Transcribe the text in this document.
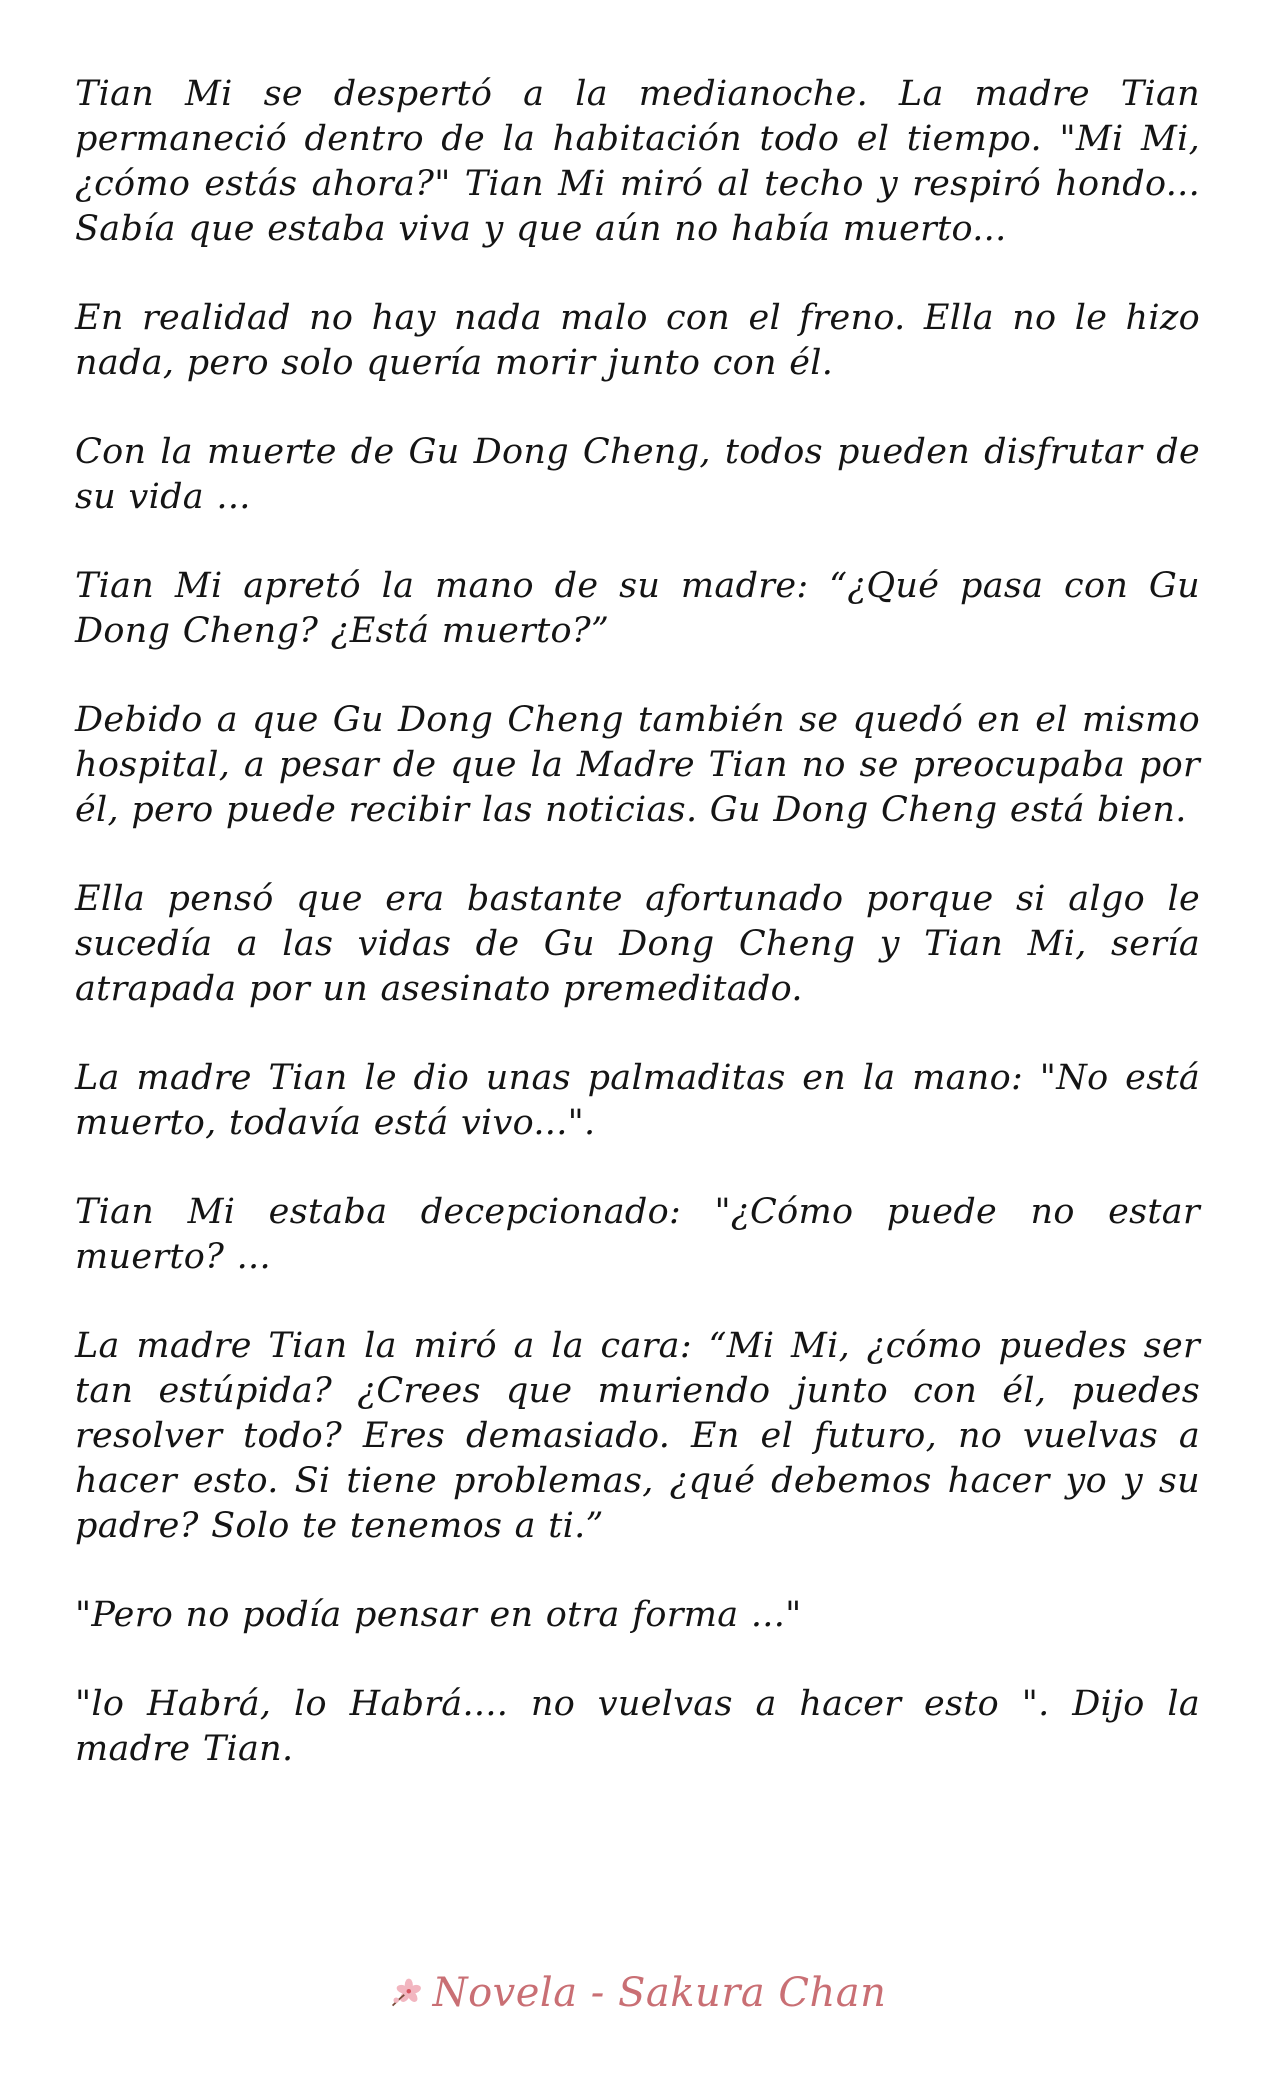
Tian Mi se despertó a la medianoche. La madre Tian permaneció dentro de la habitación todo el tiempo. "Mi Mi, ¿cómo estás ahora?" Tian Mi miró al techo y respiró hondo... Sabía que estaba viva y que aún no había muerto...

En realidad no hay nada malo con el freno. Ella no le hizo nada, pero solo quería morir junto con él.

Con la muerte de Gu Dong Cheng, todos pueden disfrutar de su vida ...

Tian Mi apretó la mano de su madre: “¿Qué pasa con Gu Dong Cheng? ¿Está muerto?”

Debido a que Gu Dong Cheng también se quedó en el mismo hospital, a pesar de que la Madre Tian no se preocupaba por él, pero puede recibir las noticias. Gu Dong Cheng está bien.

Ella pensó que era bastante afortunado porque si algo le sucedía a las vidas de Gu Dong Cheng y Tian Mi, sería atrapada por un asesinato premeditado.

La madre Tian le dio unas palmaditas en la mano: "No está muerto, todavía está vivo...".

Tian Mi estaba decepcionado: "¿Cómo puede no estar muerto? ...

La madre Tian la miró a la cara: “Mi Mi, ¿cómo puedes ser tan estúpida? ¿Crees que muriendo junto con él, puedes resolver todo? Eres demasiado. En el futuro, no vuelvas a hacer esto. Si tiene problemas, ¿qué debemos hacer yo y su padre? Solo te tenemos a ti.”

"Pero no podía pensar en otra forma ..."

"lo Habrá, lo Habrá.... no vuelvas a hacer esto ". Dijo la madre Tian.

Novela - Sakura Chan
